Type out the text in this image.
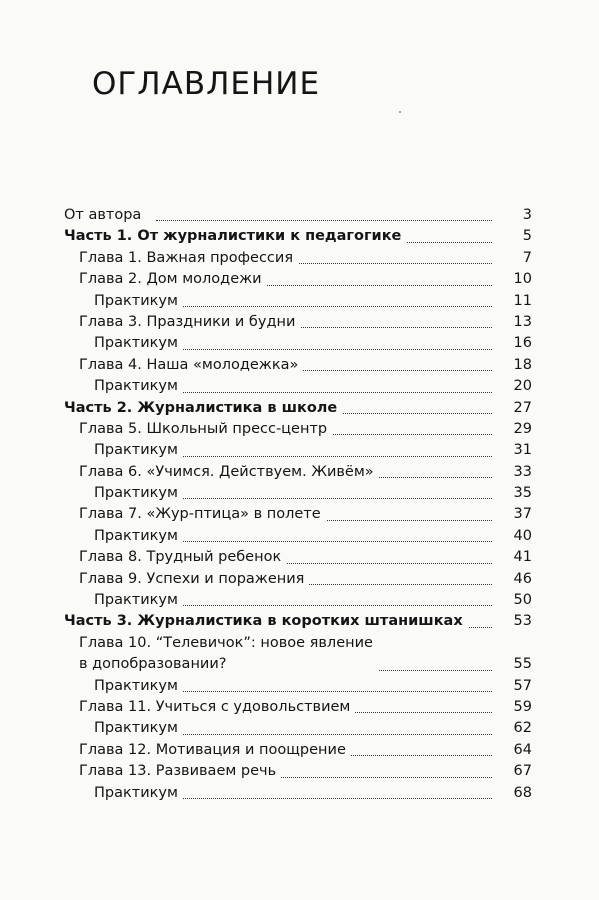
ОГЛАВЛЕНИЕ
От автора	3
Часть 1. От журналистики к педагогике	5
Глава 1. Важная профессия	7
Глава 2. Дом молодежи	10
Практикум	11
Глава 3. Праздники и будни	13
Практикум	16
Глава 4. Наша «молодежка»	18
Практикум	20
Часть 2. Журналистика в школе	27
Глава 5. Школьный пресс-центр	29
Практикум	31
Глава 6. «Учимся. Действуем. Живём»	33
Практикум	35
Глава 7. «Жур-птица» в полете	37
Практикум	40
Глава 8. Трудный ребенок	41
Глава 9. Успехи и поражения	46
Практикум	50
Часть 3. Журналистика в коротких штанишках	53
Глава 10. “Телевичок”: новое явление
в допобразовании?	55
Практикум	57
Глава 11. Учиться с удовольствием	59
Практикум	62
Глава 12. Мотивация и поощрение	64
Глава 13. Развиваем речь	67
Практикум	68
